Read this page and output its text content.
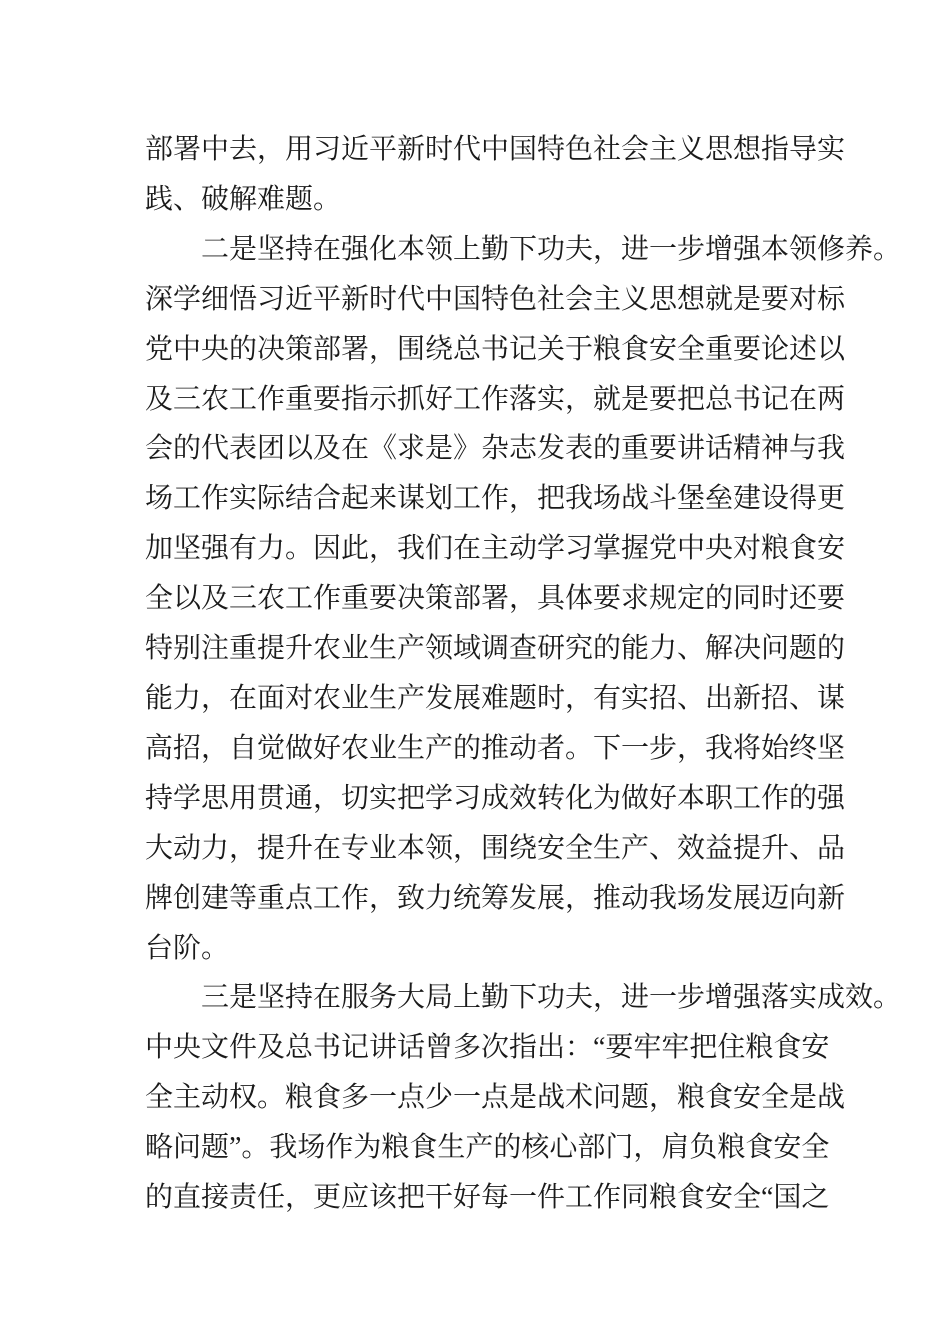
部署中去，用习近平新时代中国特色社会主义思想指导实
践、破解难题。
二是坚持在强化本领上勤下功夫，进一步增强本领修养。
深学细悟习近平新时代中国特色社会主义思想就是要对标
党中央的决策部署，围绕总书记关于粮食安全重要论述以
及三农工作重要指示抓好工作落实，就是要把总书记在两
会的代表团以及在《求是》杂志发表的重要讲话精神与我
场工作实际结合起来谋划工作，把我场战斗堡垒建设得更
加坚强有力。因此，我们在主动学习掌握党中央对粮食安
全以及三农工作重要决策部署，具体要求规定的同时还要
特别注重提升农业生产领域调查研究的能力、解决问题的
能力，在面对农业生产发展难题时，有实招、出新招、谋
高招，自觉做好农业生产的推动者。下一步，我将始终坚
持学思用贯通，切实把学习成效转化为做好本职工作的强
大动力，提升在专业本领，围绕安全生产、效益提升、品
牌创建等重点工作，致力统筹发展，推动我场发展迈向新
台阶。
三是坚持在服务大局上勤下功夫，进一步增强落实成效。
中央文件及总书记讲话曾多次指出：“要牢牢把住粮食安
全主动权。粮食多一点少一点是战术问题，粮食安全是战
略问题”。我场作为粮食生产的核心部门，肩负粮食安全
的直接责任，更应该把干好每一件工作同粮食安全“国之
